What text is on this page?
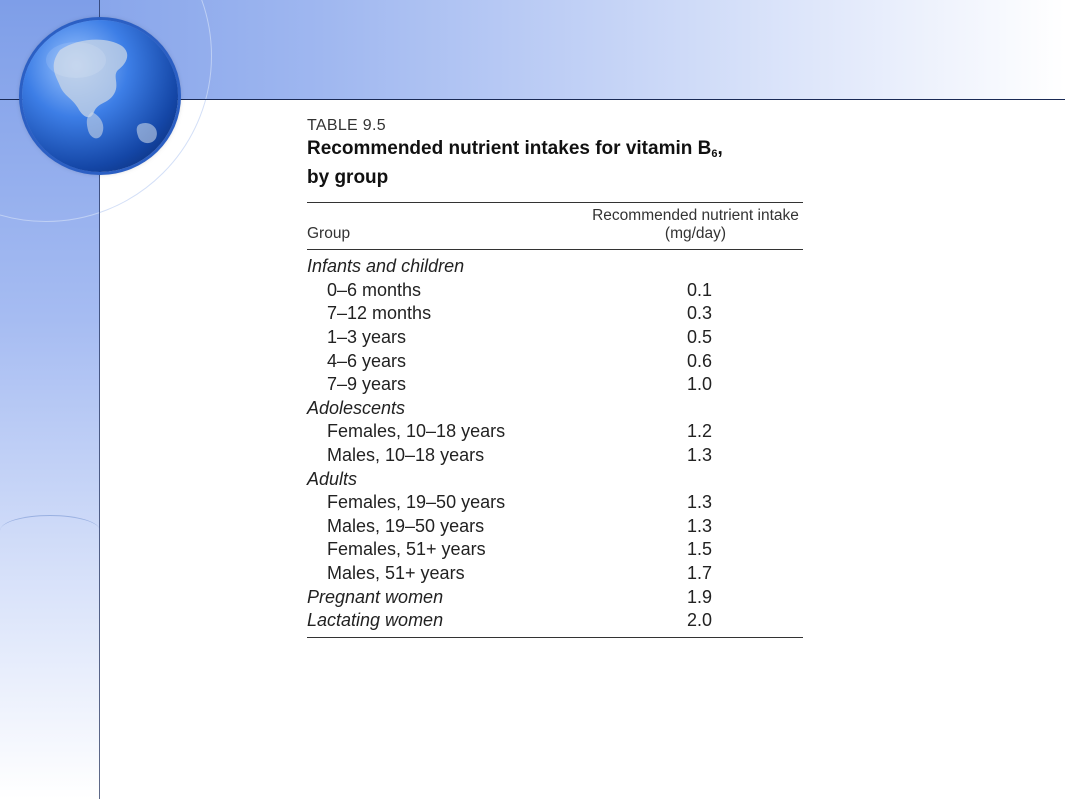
TABLE 9.5
Recommended nutrient intakes for vitamin $B_6$,
by group
Group
Recommended nutrient intake
(mg/day)
Infants and children
0–6 months	0.1
7–12 months	0.3
1–3 years	0.5
4–6 years	0.6
7–9 years	1.0
Adolescents
Females, 10–18 years	1.2
Males, 10–18 years	1.3
Adults
Females, 19–50 years	1.3
Males, 19–50 years	1.3
Females, 51+ years	1.5
Males, 51+ years	1.7
Pregnant women	1.9
Lactating women	2.0
